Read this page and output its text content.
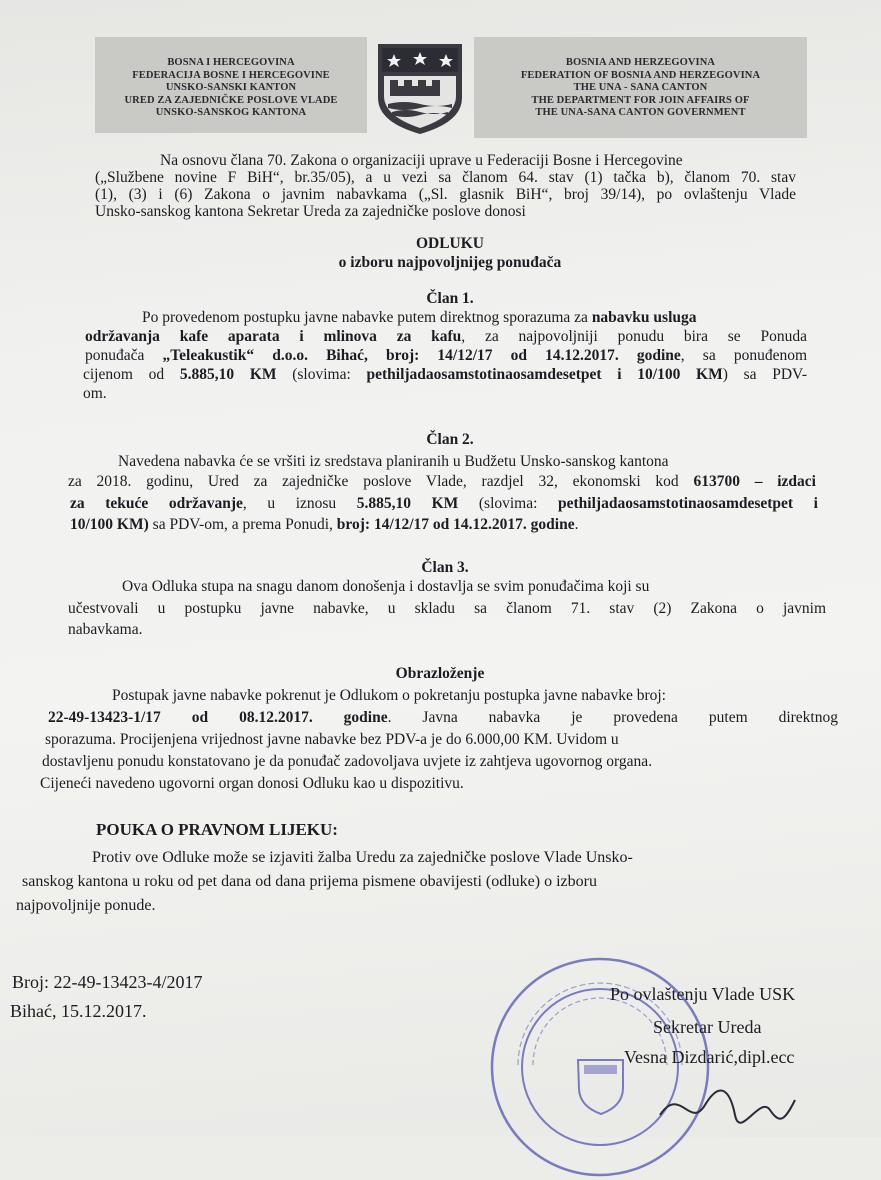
BOSNA I HERCEGOVINA
FEDERACIJA BOSNE I HERCEGOVINE
UNSKO-SANSKI KANTON
URED ZA ZAJEDNIČKE POSLOVE VLADE
UNSKO-SANSKOG KANTONA
BOSNIA AND HERZEGOVINA
FEDERATION OF BOSNIA AND HERZEGOVINA
THE UNA - SANA CANTON
THE DEPARTMENT FOR JOIN AFFAIRS OF
THE UNA-SANA CANTON GOVERNMENT
Na osnovu člana 70. Zakona o organizaciji uprave u Federaciji Bosne i Hercegovine
(„Službene novine F BiH“, br.35/05), a u vezi sa članom 64. stav (1) tačka b), članom 70. stav
(1), (3) i (6) Zakona o javnim nabavkama („Sl. glasnik BiH“, broj 39/14), po ovlaštenju Vlade
Unsko-sanskog kantona Sekretar Ureda za zajedničke poslove donosi
ODLUKU
o izboru najpovoljnijeg ponuđača
Član 1.
Po provedenom postupku javne nabavke putem direktnog sporazuma za nabavku usluga
održavanja kafe aparata i mlinova za kafu, za najpovoljniji ponudu bira se Ponuda
ponuđača „Teleakustik“ d.o.o. Bihać, broj: 14/12/17 od 14.12.2017. godine, sa ponuđenom
cijenom od 5.885,10 KM (slovima: pethiljadaosamstotinaosamdesetpet i 10/100 KM) sa PDV-
om.
Član 2.
Navedena nabavka će se vršiti iz sredstava planiranih u Budžetu Unsko-sanskog kantona
za 2018. godinu, Ured za zajedničke poslove Vlade, razdjel 32, ekonomski kod 613700 – izdaci
za tekuće održavanje, u iznosu 5.885,10 KM (slovima: pethiljadaosamstotinaosamdesetpet i
10/100 KM) sa PDV-om, a prema Ponudi, broj: 14/12/17 od 14.12.2017. godine.
Član 3.
Ova Odluka stupa na snagu danom donošenja i dostavlja se svim ponuđačima koji su
učestvovali u postupku javne nabavke, u skladu sa članom 71. stav (2) Zakona o javnim
nabavkama.
Obrazloženje
Postupak javne nabavke pokrenut je Odlukom o pokretanju postupka javne nabavke broj:
22-49-13423-1/17 od 08.12.2017. godine. Javna nabavka je provedena putem direktnog
sporazuma. Procijenjena vrijednost javne nabavke bez PDV-a je do 6.000,00 KM. Uvidom u
dostavljenu ponudu konstatovano je da ponuđač zadovoljava uvjete iz zahtjeva ugovornog organa.
Cijeneći navedeno ugovorni organ donosi Odluku kao u dispozitivu.
POUKA O PRAVNOM LIJEKU:
Protiv ove Odluke može se izjaviti žalba Uredu za zajedničke poslove Vlade Unsko-
sanskog kantona u roku od pet dana od dana prijema pismene obavijesti (odluke) o izboru
najpovoljnije ponude.
Broj: 22-49-13423-4/2017
Bihać, 15.12.2017.
Po ovlaštenju Vlade USK
Sekretar Ureda
Vesna Dizdarić,dipl.ecc
